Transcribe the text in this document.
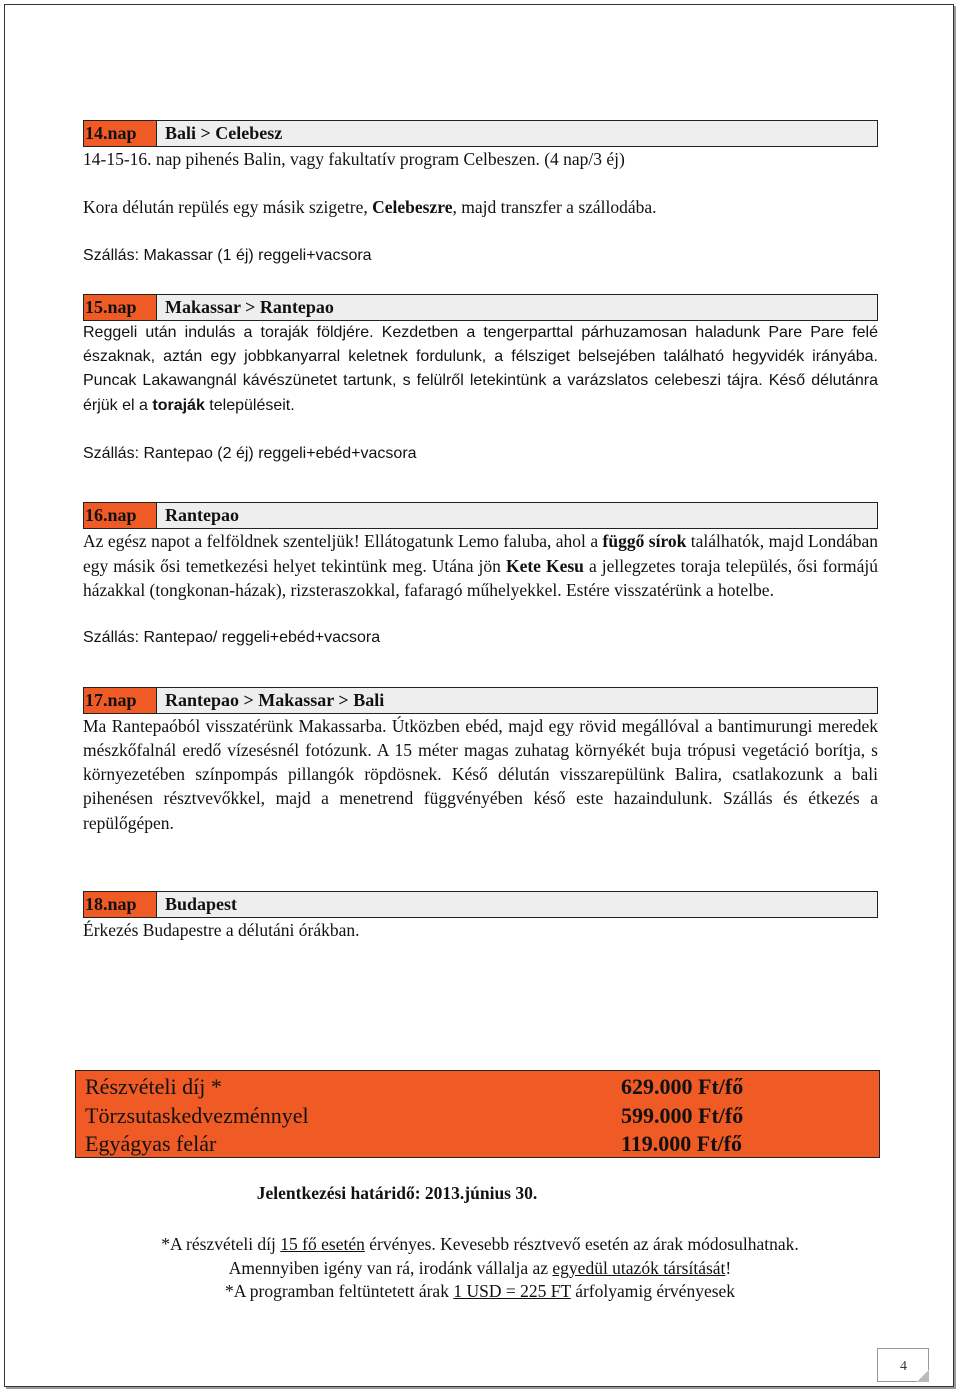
14.nap	Bali > Celebesz

14-15-16. nap pihenés Balin, vagy fakultatív program Celbeszen. (4 nap/3 éj)

Kora délután repülés egy másik szigetre, Celebeszre, majd transzfer a szállodába.

Szállás: Makassar (1 éj) reggeli+vacsora

15.nap	Makassar > Rantepao

Reggeli után indulás a toraják földjére. Kezdetben a tengerparttal párhuzamosan haladunk Pare Pare felé északnak, aztán egy jobbkanyarral keletnek fordulunk, a félsziget belsejében található hegyvidék irányába. Puncak Lakawangnál kávészünetet tartunk, s felülről letekintünk a varázslatos celebeszi tájra. Késő délutánra érjük el a toraják településeit.

Szállás: Rantepao (2 éj) reggeli+ebéd+vacsora

16.nap	Rantepao

Az egész napot a felföldnek szenteljük! Ellátogatunk Lemo faluba, ahol a függő sírok találhatók, majd Londában egy másik ősi temetkezési helyet tekintünk meg. Utána jön Kete Kesu a jellegzetes toraja település, ősi formájú házakkal (tongkonan-házak), rizsteraszokkal, fafaragó műhelyekkel. Estére visszatérünk a hotelbe.

Szállás: Rantepao/ reggeli+ebéd+vacsora

17.nap	Rantepao > Makassar > Bali

Ma Rantepaóból visszatérünk Makassarba. Útközben ebéd, majd egy rövid megállóval a bantimurungi meredek mészkőfalnál eredő vízesésnél fotózunk. A 15 méter magas zuhatag környékét buja trópusi vegetáció borítja, s környezetében színpompás pillangók röpdösnek. Késő délután visszarepülünk Balira, csatlakozunk a bali pihenésen résztvevőkkel, majd a menetrend függvényében késő este hazaindulunk. Szállás és étkezés a repülőgépen.

18.nap	Budapest

Érkezés Budapestre a délutáni órákban.

Részvételi díj *	629.000 Ft/fő
Törzsutaskedvezménnyel	599.000 Ft/fő
Egyágyas felár	119.000 Ft/fő
Jelentkezési határidő: 2013.június 30.
*A részvételi díj 15 fő esetén érvényes. Kevesebb résztvevő esetén az árak módosulhatnak.
Amennyiben igény van rá, irodánk vállalja az egyedül utazók társítását!
*A programban feltüntetett árak 1 USD = 225 FT árfolyamig érvényesek
4
